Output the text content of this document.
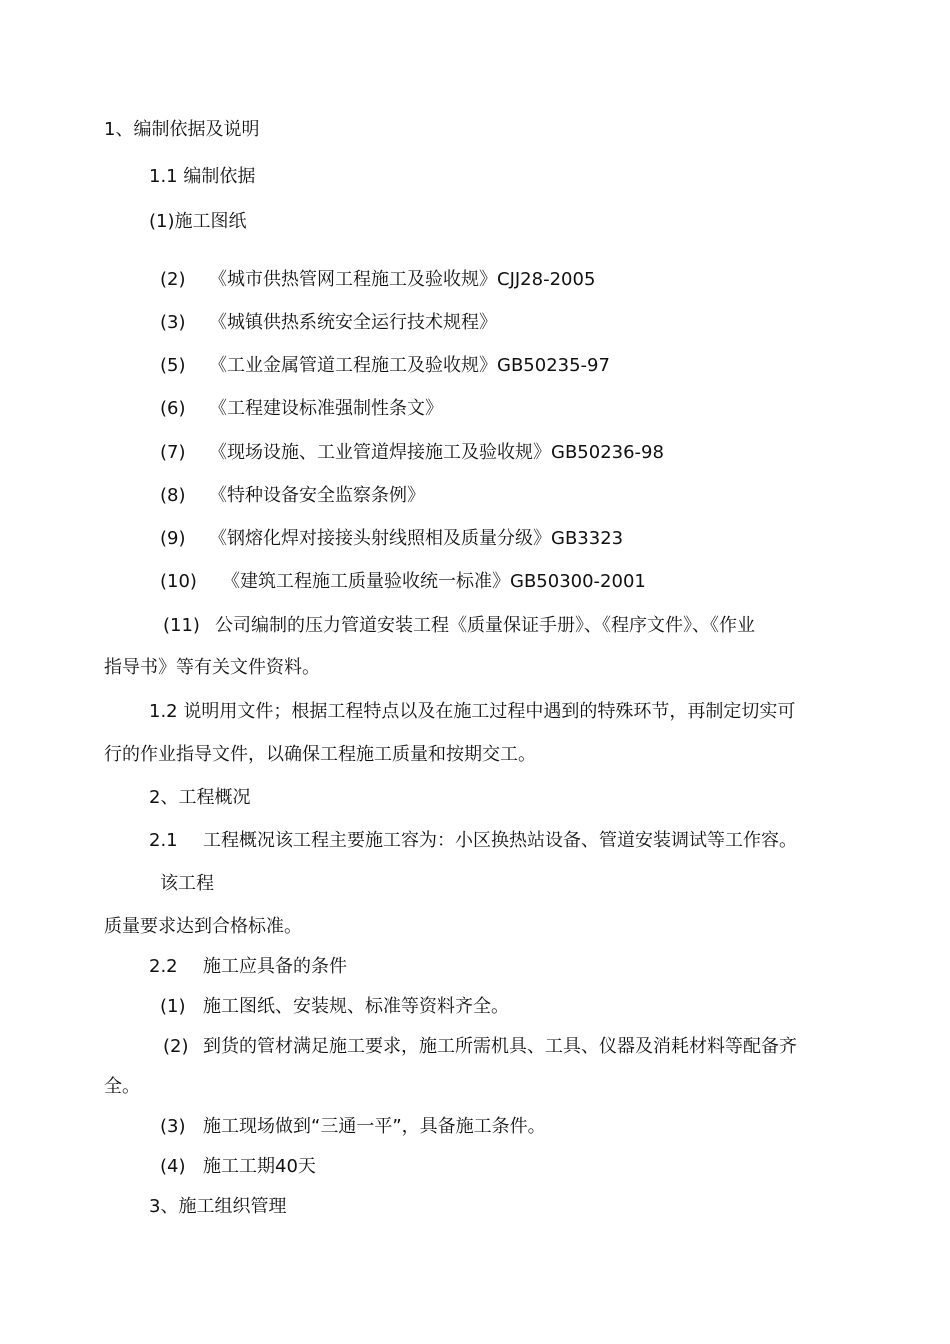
1、编制依据及说明
1.1 编制依据
(1)施工图纸
(2) 《城市供热管网工程施工及验收规》CJJ28-2005
(3) 《城镇供热系统安全运行技术规程》
(5) 《工业金属管道工程施工及验收规》GB50235-97
(6) 《工程建设标准强制性条文》
(7) 《现场设施、工业管道焊接施工及验收规》GB50236-98
(8) 《特种设备安全监察条例》
(9) 《钢熔化焊对接接头射线照相及质量分级》GB3323
(10) 《建筑工程施工质量验收统一标准》GB50300-2001
(11) 公司编制的压力管道安装工程《质量保证手册》、《程序文件》、《作业
指导书》等有关文件资料。
1.2 说明用文件；根据工程特点以及在施工过程中遇到的特殊环节，再制定切实可
行的作业指导文件，以确保工程施工质量和按期交工。
2、工程概况
2.1 工程概况该工程主要施工容为：小区换热站设备、管道安装调试等工作容。
该工程
质量要求达到合格标准。
2.2 施工应具备的条件
(1) 施工图纸、安装规、标准等资料齐全。
(2) 到货的管材满足施工要求，施工所需机具、工具、仪器及消耗材料等配备齐
全。
(3) 施工现场做到“三通一平”，具备施工条件。
(4) 施工工期40天
3、施工组织管理
